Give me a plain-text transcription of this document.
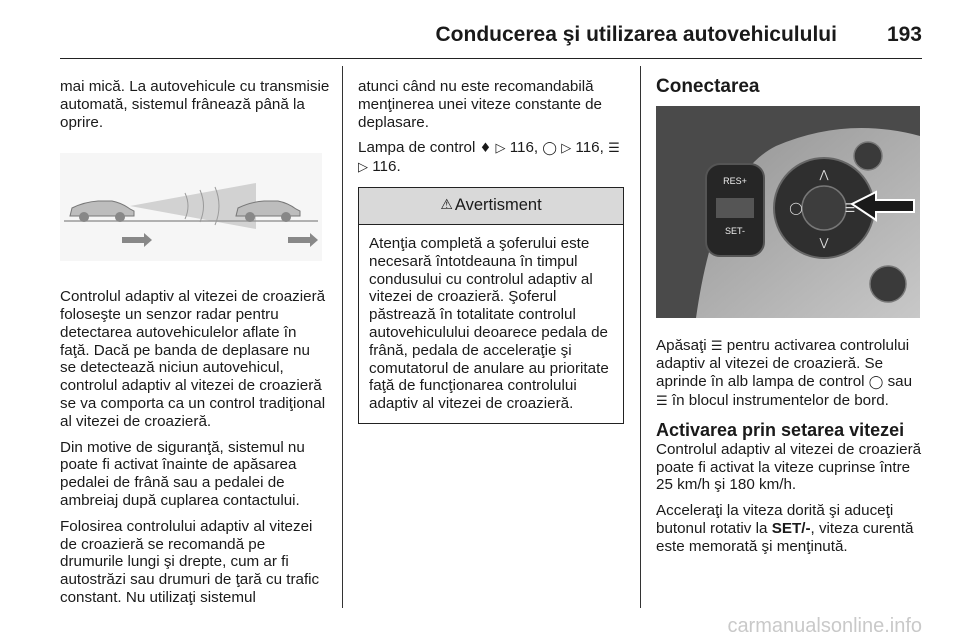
Conducerea şi utilizarea autovehiculului 193

mai mică. La autovehicule cu transmisie automată, sistemul frânează până la oprire.

Controlul adaptiv al vitezei de croazieră foloseşte un senzor radar pentru detectarea autovehiculelor aflate în faţă. Dacă pe banda de deplasare nu se detectează niciun autovehicul, controlul adaptiv al vitezei de croazieră se va comporta ca un control tradiţional al vitezei de croazieră.

Din motive de siguranţă, sistemul nu poate fi activat înainte de apăsarea pedalei de frână sau a pedalei de ambreiaj după cuplarea contactului.

Folosirea controlului adaptiv al vitezei de croazieră se recomandă pe drumurile lungi şi drepte, cum ar fi autostrăzi sau drumuri de ţară cu trafic constant. Nu utilizaţi sistemul

atunci când nu este recomandabilă menţinerea unei viteze constante de deplasare.

Lampa de control ♦ ▷ 116, ◯ ▷ 116, ☰ ▷ 116.

⚠ Avertisment
Atenţia completă a şoferului este necesară întotdeauna în timpul condusului cu controlul adaptiv al vitezei de croazieră. Şoferul păstrează în totalitate controlul autovehiculului deoarece pedala de frână, pedala de acceleraţie şi comutatorul de anulare au prioritate faţă de funcţionarea controlului adaptiv al vitezei de croazieră.
Conectarea
RES+
SET-
⋀
◯	☰
⋁

Apăsaţi ☰ pentru activarea controlului adaptiv al vitezei de croazieră. Se aprinde în alb lampa de control ◯ sau ☰ în blocul instrumentelor de bord.

Activarea prin setarea vitezei

Controlul adaptiv al vitezei de croazieră poate fi activat la viteze cuprinse între 25 km/h şi 180 km/h.

Acceleraţi la viteza dorită şi aduceţi butonul rotativ la SET/-, viteza curentă este memorată şi menţinută.

carmanualsonline.info
